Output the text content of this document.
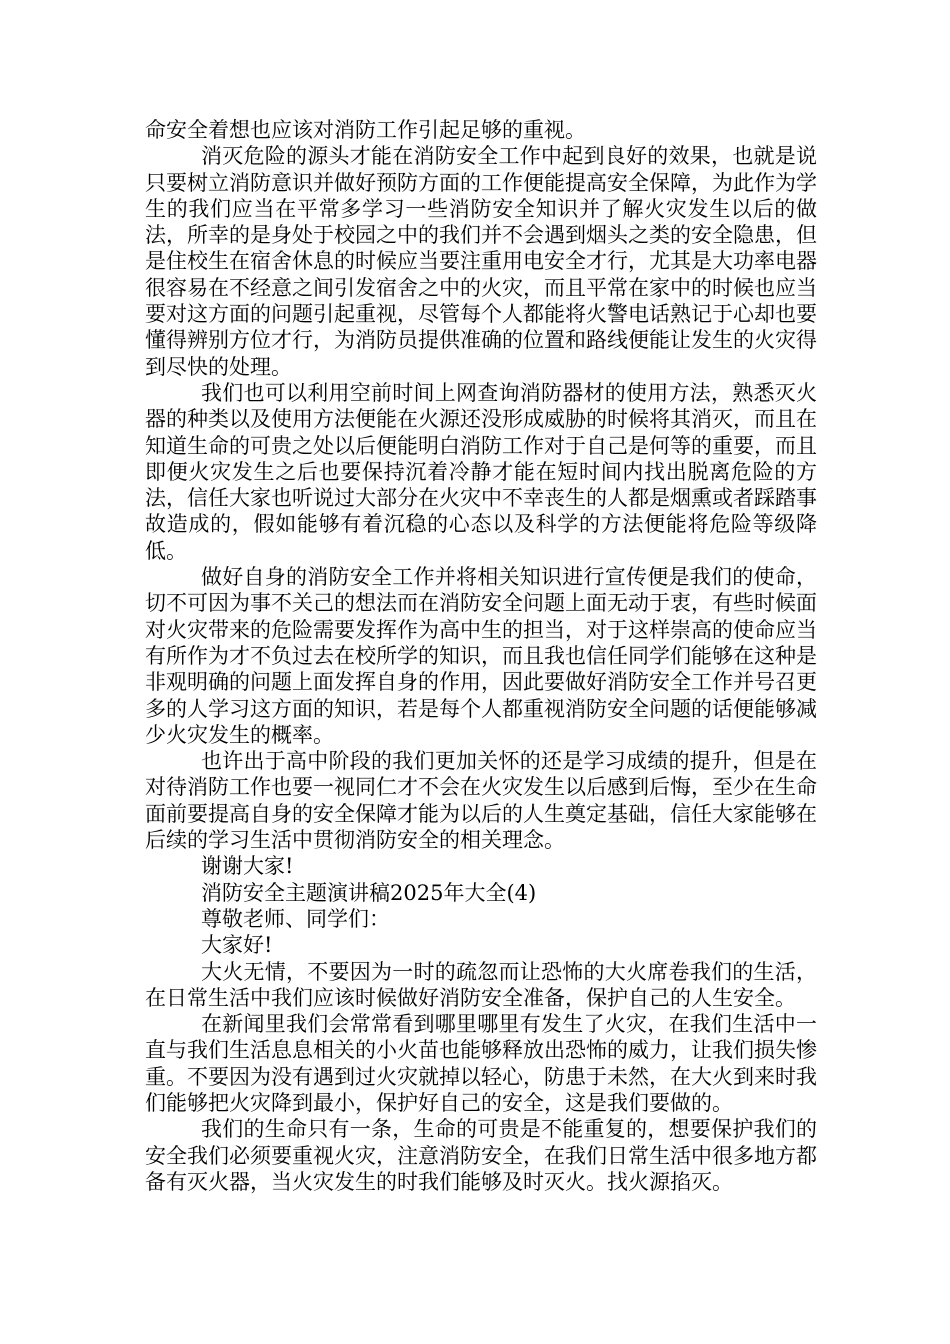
命安全着想也应该对消防工作引起足够的重视。

消灭危险的源头才能在消防安全工作中起到良好的效果，也就是说只要树立消防意识并做好预防方面的工作便能提高安全保障，为此作为学生的我们应当在平常多学习一些消防安全知识并了解火灾发生以后的做法，所幸的是身处于校园之中的我们并不会遇到烟头之类的安全隐患，但是住校生在宿舍休息的时候应当要注重用电安全才行，尤其是大功率电器很容易在不经意之间引发宿舍之中的火灾，而且平常在家中的时候也应当要对这方面的问题引起重视，尽管每个人都能将火警电话熟记于心却也要懂得辨别方位才行，为消防员提供准确的位置和路线便能让发生的火灾得到尽快的处理。

我们也可以利用空前时间上网查询消防器材的使用方法，熟悉灭火器的种类以及使用方法便能在火源还没形成威胁的时候将其消灭，而且在知道生命的可贵之处以后便能明白消防工作对于自己是何等的重要，而且即便火灾发生之后也要保持沉着冷静才能在短时间内找出脱离危险的方法，信任大家也听说过大部分在火灾中不幸丧生的人都是烟熏或者踩踏事故造成的，假如能够有着沉稳的心态以及科学的方法便能将危险等级降低。

做好自身的消防安全工作并将相关知识进行宣传便是我们的使命，切不可因为事不关己的想法而在消防安全问题上面无动于衷，有些时候面对火灾带来的危险需要发挥作为高中生的担当，对于这样崇高的使命应当有所作为才不负过去在校所学的知识，而且我也信任同学们能够在这种是非观明确的问题上面发挥自身的作用，因此要做好消防安全工作并号召更多的人学习这方面的知识，若是每个人都重视消防安全问题的话便能够减少火灾发生的概率。

也许出于高中阶段的我们更加关怀的还是学习成绩的提升，但是在对待消防工作也要一视同仁才不会在火灾发生以后感到后悔，至少在生命面前要提高自身的安全保障才能为以后的人生奠定基础，信任大家能够在后续的学习生活中贯彻消防安全的相关理念。

谢谢大家!

消防安全主题演讲稿2025年大全(4)

尊敬老师、同学们：

大家好!

大火无情，不要因为一时的疏忽而让恐怖的大火席卷我们的生活，在日常生活中我们应该时候做好消防安全准备，保护自己的人生安全。

在新闻里我们会常常看到哪里哪里有发生了火灾，在我们生活中一直与我们生活息息相关的小火苗也能够释放出恐怖的威力，让我们损失惨重。不要因为没有遇到过火灾就掉以轻心，防患于未然，在大火到来时我们能够把火灾降到最小，保护好自己的安全，这是我们要做的。

我们的生命只有一条，生命的可贵是不能重复的，想要保护我们的安全我们必须要重视火灾，注意消防安全，在我们日常生活中很多地方都备有灭火器，当火灾发生的时我们能够及时灭火。找火源掐灭。
